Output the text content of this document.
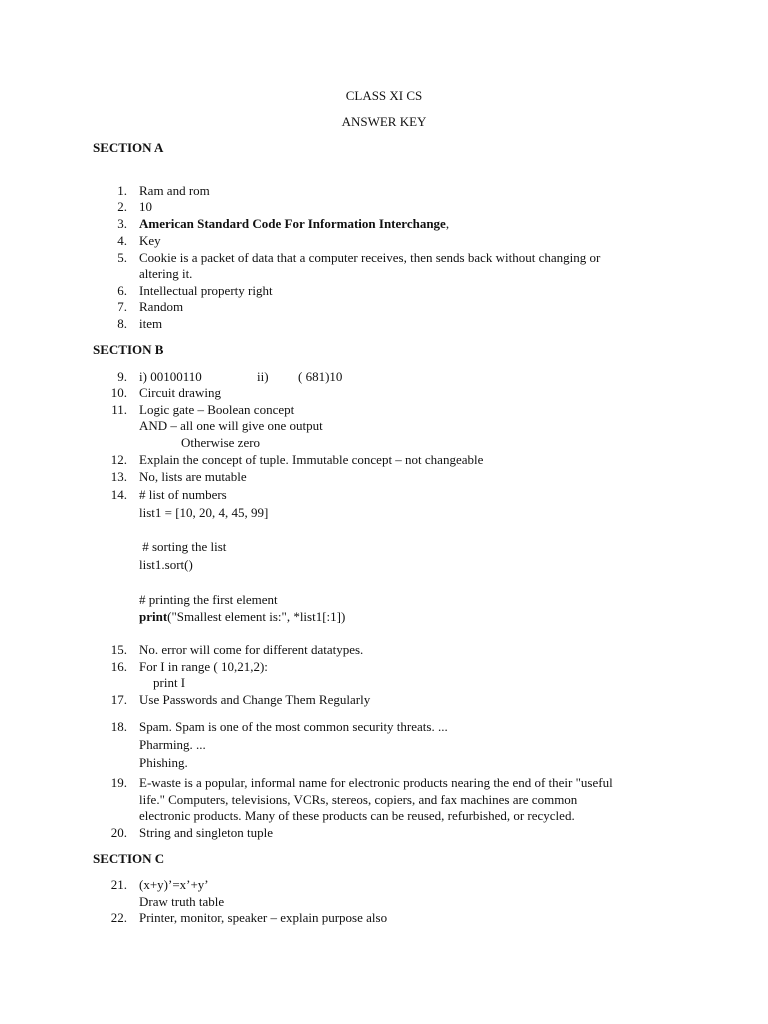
CLASS XI CS
ANSWER KEY
SECTION A
1. Ram and rom
2. 10
3. American Standard Code For Information Interchange,
4. Key
5. Cookie is a packet of data that a computer receives, then sends back without changing or
altering it.
6. Intellectual property right
7. Random
8. item
SECTION B
9. i) 00100110	ii) ( 681)10
10. Circuit drawing
11. Logic gate – Boolean concept
AND – all one will give one output
Otherwise zero
12. Explain the concept of tuple. Immutable concept – not changeable
13. No, lists are mutable
14. # list of numbers
list1 = [10, 20, 4, 45, 99]
# sorting the list
list1.sort()
# printing the first element
print("Smallest element is:", *list1[:1])
15. No. error will come for different datatypes.
16. For I in range ( 10,21,2):
print I
17. Use Passwords and Change Them Regularly
18. Spam. Spam is one of the most common security threats. ...
Pharming. ...
Phishing.
19. E-waste is a popular, informal name for electronic products nearing the end of their "useful
life." Computers, televisions, VCRs, stereos, copiers, and fax machines are common
electronic products. Many of these products can be reused, refurbished, or recycled.
20. String and singleton tuple
SECTION C
21. (x+y)’=x’+y’
Draw truth table
22. Printer, monitor, speaker – explain purpose also
